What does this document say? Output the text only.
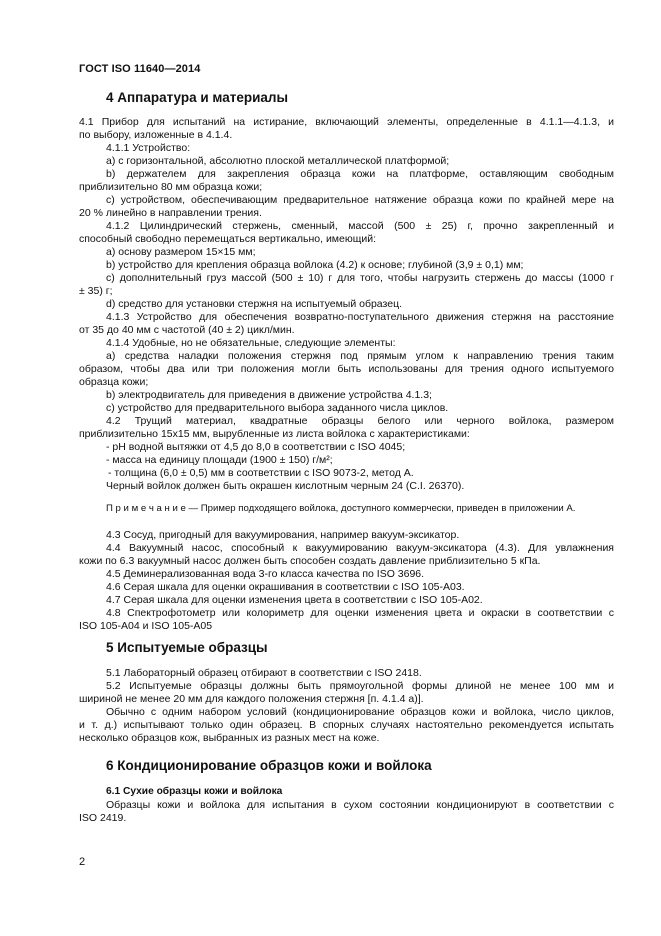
ГОСТ ISO 11640—2014
4 Аппаратура и материалы
4.1 Прибор для испытаний на истирание, включающий элементы, определенные в 4.1.1—4.1.3, и
по выбору, изложенные в 4.1.4.
4.1.1 Устройство:
a) с горизонтальной, абсолютно плоской металлической платформой;
b) держателем для закрепления образца кожи на платформе, оставляющим свободным
приблизительно 80 мм образца кожи;
c) устройством, обеспечивающим предварительное натяжение образца кожи по крайней мере на
20 % линейно в направлении трения.
4.1.2 Цилиндрический стержень, сменный, массой (500 ± 25) г, прочно закрепленный и
способный свободно перемещаться вертикально, имеющий:
a) основу размером 15×15 мм;
b) устройство для крепления образца войлока (4.2) к основе; глубиной (3,9 ± 0,1) мм;
c) дополнительный груз массой (500 ± 10) г для того, чтобы нагрузить стержень до массы (1000 г
± 35) г;
d) средство для установки стержня на испытуемый образец.
4.1.3 Устройство для обеспечения возвратно-поступательного движения стержня на расстояние
от 35 до 40 мм с частотой (40 ± 2) цикл/мин.
4.1.4 Удобные, но не обязательные, следующие элементы:
a) средства наладки положения стержня под прямым углом к направлению трения таким
образом, чтобы два или три положения могли быть использованы для трения одного испытуемого
образца кожи;
b) электродвигатель для приведения в движение устройства 4.1.3;
c) устройство для предварительного выбора заданного числа циклов.
4.2 Трущий материал, квадратные образцы белого или черного войлока, размером
приблизительно 15x15 мм, вырубленные из листа войлока с характеристиками:
- pH водной вытяжки от 4,5 до 8,0 в соответствии с ISO 4045;
- масса на единицу площади (1900 ± 150) г/м²;
- толщина (6,0 ± 0,5) мм в соответствии с ISO 9073-2, метод А.
Черный войлок должен быть окрашен кислотным черным 24 (C.I. 26370).
П р и м е ч а н и е — Пример подходящего войлока, доступного коммерчески, приведен в приложении А.
4.3 Сосуд, пригодный для вакуумирования, например вакуум-эксикатор.
4.4 Вакуумный насос, способный к вакуумированию вакуум-эксикатора (4.3). Для увлажнения
кожи по 6.3 вакуумный насос должен быть способен создать давление приблизительно 5 кПа.
4.5 Деминерализованная вода 3-го класса качества по ISO 3696.
4.6 Серая шкала для оценки окрашивания в соответствии с ISO 105-A03.
4.7 Серая шкала для оценки изменения цвета в соответствии с ISO 105-A02.
4.8 Спектрофотометр или колориметр для оценки изменения цвета и окраски в соответствии с
ISO 105-A04 и ISO 105-A05
5 Испытуемые образцы
5.1 Лабораторный образец отбирают в соответствии с ISO 2418.
5.2 Испытуемые образцы должны быть прямоугольной формы длиной не менее 100 мм и
шириной не менее 20 мм для каждого положения стержня [п. 4.1.4 а)].
Обычно с одним набором условий (кондиционирование образцов кожи и войлока, число циклов,
и т. д.) испытывают только один образец. В спорных случаях настоятельно рекомендуется испытать
несколько образцов кож, выбранных из разных мест на коже.
6 Кондиционирование образцов кожи и войлока
6.1 Сухие образцы кожи и войлока
Образцы кожи и войлока для испытания в сухом состоянии кондиционируют в соответствии с
ISO 2419.
2
